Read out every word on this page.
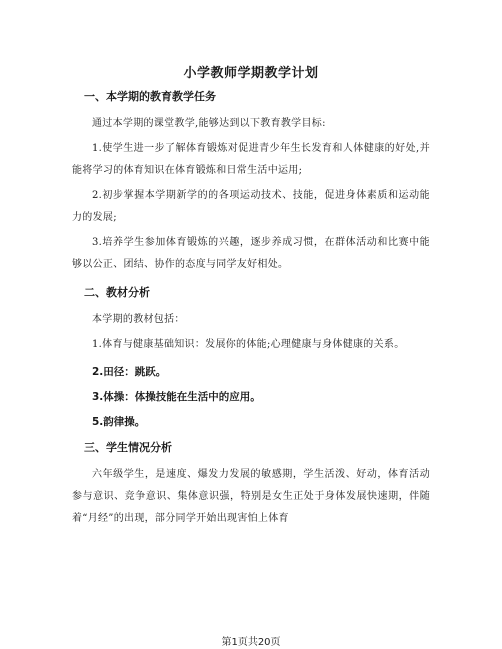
小学教师学期教学计划
一、本学期的教育教学任务

通过本学期的课堂教学,能够达到以下教育教学目标:

1.使学生进一步了解体育锻炼对促进青少年生长发育和人体健康的好处,并能将学习的体育知识在体育锻炼和日常生活中运用;

2.初步掌握本学期新学的的各项运动技术、技能，促进身体素质和运动能力的发展;

3.培养学生参加体育锻炼的兴趣，逐步养成习惯，在群体活动和比赛中能够以公正、团结、协作的态度与同学友好相处。

二、教材分析

本学期的教材包括：

1.体育与健康基础知识：发展你的体能;心理健康与身体健康的关系。

2.田径：跳跃。
3.体操：体操技能在生活中的应用。
5.韵律操。
三、学生情况分析

六年级学生，是速度、爆发力发展的敏感期，学生活泼、好动，体育活动参与意识、竞争意识、集体意识强，特别是女生正处于身体发展快速期，伴随着“月经”的出现，部分同学开始出现害怕上体育

第1页共20页
